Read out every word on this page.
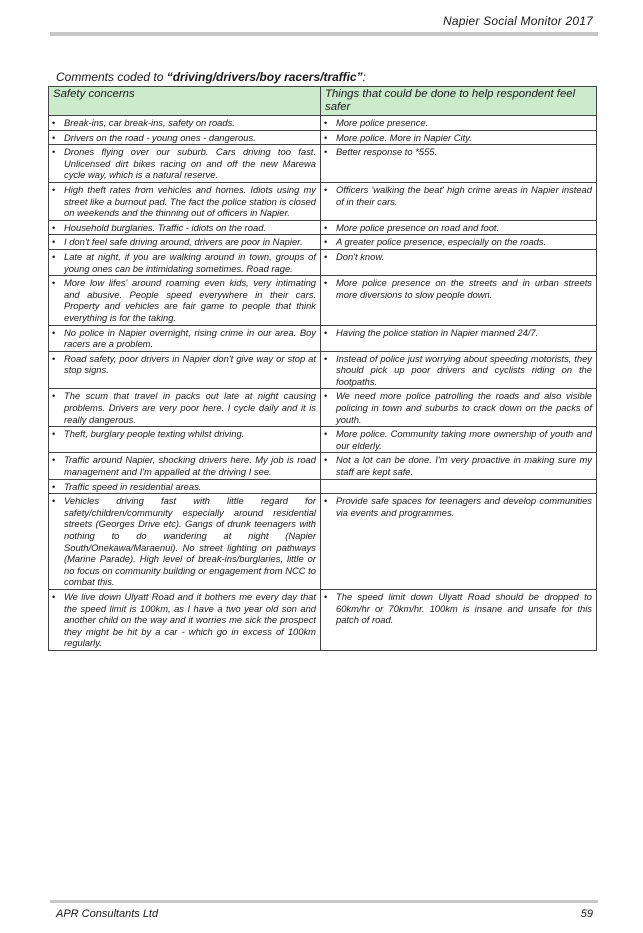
Napier Social Monitor 2017
Comments coded to “driving/drivers/boy racers/traffic”:
Safety concerns	Things that could be done to help respondent feel safer

• Break-ins, car break-ins, safety on roads.	• More police presence.

• Drivers on the road - young ones - dangerous.	• More police. More in Napier City.

• Drones flying over our suburb. Cars driving too fast. Unlicensed dirt bikes racing on and off the new Marewa cycle way, which is a natural reserve.	• Better response to *555.

• High theft rates from vehicles and homes. Idiots using my street like a burnout pad. The fact the police station is closed on weekends and the thinning out of officers in Napier.	• Officers 'walking the beat' high crime areas in Napier instead of in their cars.

• Household burglaries. Traffic - idiots on the road.	• More police presence on road and foot.

• I don't feel safe driving around, drivers are poor in Napier.	• A greater police presence, especially on the roads.

• Late at night, if you are walking around in town, groups of young ones can be intimidating sometimes. Road rage.	• Don't know.

• More low lifes' around roaming even kids, very intimating and abusive. People speed everywhere in their cars. Property and vehicles are fair game to people that think everything is for the taking.	• More police presence on the streets and in urban streets more diversions to slow people down.

• No police in Napier overnight, rising crime in our area. Boy racers are a problem.	• Having the police station in Napier manned 24/7.

• Road safety, poor drivers in Napier don't give way or stop at stop signs.	• Instead of police just worrying about speeding motorists, they should pick up poor drivers and cyclists riding on the footpaths.

• The scum that travel in packs out late at night causing problems. Drivers are very poor here. I cycle daily and it is really dangerous.	• We need more police patrolling the roads and also visible policing in town and suburbs to crack down on the packs of youth.

• Theft, burglary people texting whilst driving.	• More police. Community taking more ownership of youth and our elderly.

• Traffic around Napier, shocking drivers here. My job is road management and I'm appalled at the driving I see.	• Not a lot can be done. I'm very proactive in making sure my staff are kept safe.

• Traffic speed in residential areas.	

• Vehicles driving fast with little regard for safety/children/community especially around residential streets (Georges Drive etc). Gangs of drunk teenagers with nothing to do wandering at night (Napier South/Onekawa/Maraenui). No street lighting on pathways (Marine Parade). High level of break-ins/burglaries, little or no focus on community building or engagement from NCC to combat this.	• Provide safe spaces for teenagers and develop communities via events and programmes.

• We live down Ulyatt Road and it bothers me every day that the speed limit is 100km, as I have a two year old son and another child on the way and it worries me sick the prospect they might be hit by a car - which go in excess of 100km regularly.	• The speed limit down Ulyatt Road should be dropped to 60km/hr or 70km/hr. 100km is insane and unsafe for this patch of road.
APR Consultants Ltd	59
